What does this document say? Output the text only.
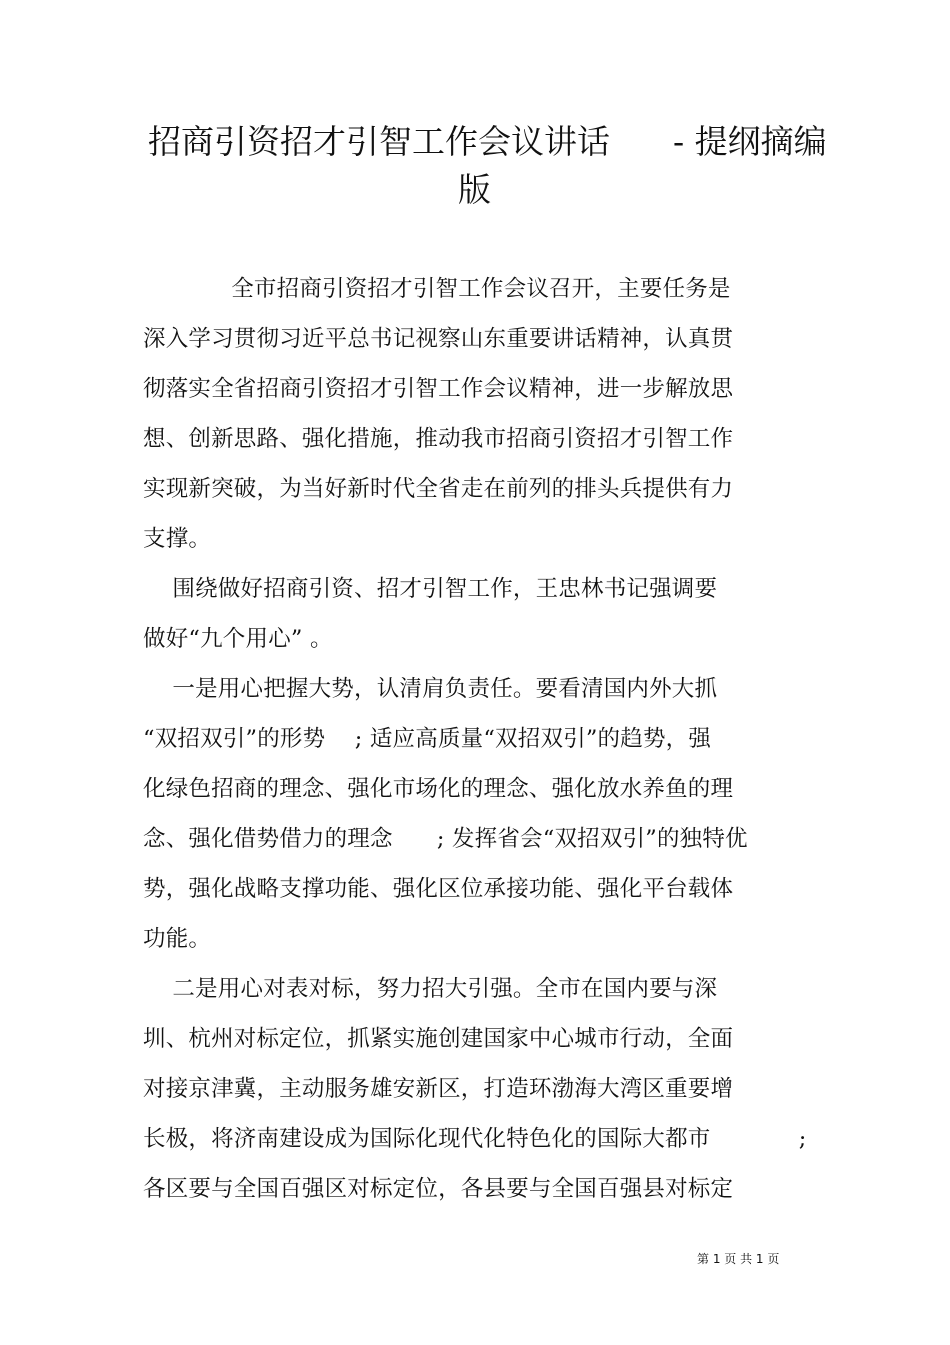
招商引资招才引智工作会议讲话      - 提纲摘编
版
全市招商引资招才引智工作会议召开，主要任务是
深入学习贯彻习近平总书记视察山东重要讲话精神，认真贯
彻落实全省招商引资招才引智工作会议精神，进一步解放思
想、创新思路、强化措施，推动我市招商引资招才引智工作
实现新突破，为当好新时代全省走在前列的排头兵提供有力
支撑。
围绕做好招商引资、招才引智工作，王忠林书记强调要
做好“九个用心” 。
一是用心把握大势，认清肩负责任。要看清国内外大抓
“双招双引”的形势    ; 适应高质量“双招双引”的趋势，强
化绿色招商的理念、强化市场化的理念、强化放水养鱼的理
念、强化借势借力的理念      ; 发挥省会“双招双引”的独特优
势，强化战略支撑功能、强化区位承接功能、强化平台载体
功能。
二是用心对表对标，努力招大引强。全市在国内要与深
圳、杭州对标定位，抓紧实施创建国家中心城市行动，全面
对接京津冀，主动服务雄安新区，打造环渤海大湾区重要增
长极，将济南建设成为国际化现代化特色化的国际大都市            ;
各区要与全国百强区对标定位，各县要与全国百强县对标定
第 1 页 共 1 页
